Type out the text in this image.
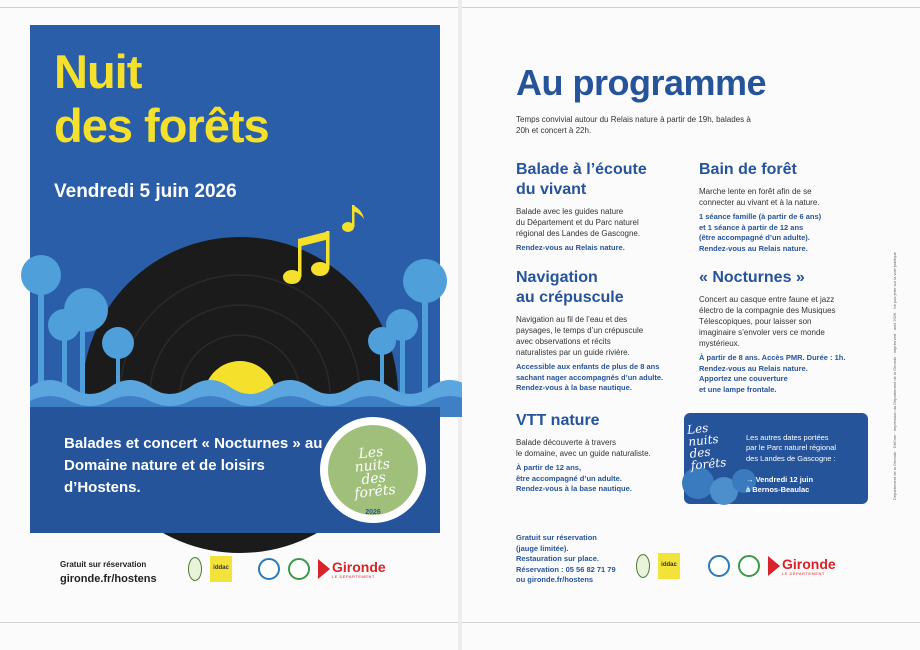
Nuit
des forêts
Vendredi 5 juin 2026
Balades et concert « Nocturnes » au Domaine nature et de loisirs d’Hostens.
Les
nuits
des
forêts
2026
Gratuit sur réservation
gironde.fr/hostens
iddac	Gironde
LE DÉPARTEMENT
Au programme
Temps convivial autour du Relais nature à partir de 19h, balades à 20h et concert à 22h.
Balade à l’écoute
du vivant
Balade avec les guides nature
du Département et du Parc naturel
régional des Landes de Gascogne.
Rendez-vous au Relais nature.
Bain de forêt
Marche lente en forêt afin de se
connecter au vivant et à la nature.
1 séance famille (à partir de 6 ans)
et 1 séance à partir de 12 ans
(être accompagné d’un adulte).
Rendez-vous au Relais nature.
Navigation
au crépuscule
Navigation au fil de l’eau et des
paysages, le temps d’un crépuscule
avec observations et récits
naturalistes par un guide rivière.
Accessible aux enfants de plus de 8 ans
sachant nager accompagnés d’un adulte.
Rendez-vous à la base nautique.
« Nocturnes »
Concert au casque entre faune et jazz
électro de la compagnie des Musiques
Télescopiques, pour laisser son
imaginaire s’envoler vers ce monde
mystérieux.
À partir de 8 ans. Accès PMR. Durée : 1h.
Rendez-vous au Relais nature.
Apportez une couverture
et une lampe frontale.
VTT nature
Balade découverte à travers
le domaine, avec un guide naturaliste.
À partir de 12 ans,
être accompagné d’un adulte.
Rendez-vous à la base nautique.
Les
nuits
des
forêts

Les autres dates portées
par le Parc naturel régional
des Landes de Gascogne :

→ Vendredi 12 juin
à Bernos-Beaulac

→ Samedi 13 juin à Brocas

Gratuit sur réservation
(jauge limitée).
Restauration sur place.
Réservation : 05 56 82 71 79
ou gironde.fr/hostens
iddac	Gironde
LE DÉPARTEMENT
Département de la Gironde · DirCom · Impression du Département de la Gironde · imprim'vert · avril 2026 · Ne pas jeter sur la voie publique
